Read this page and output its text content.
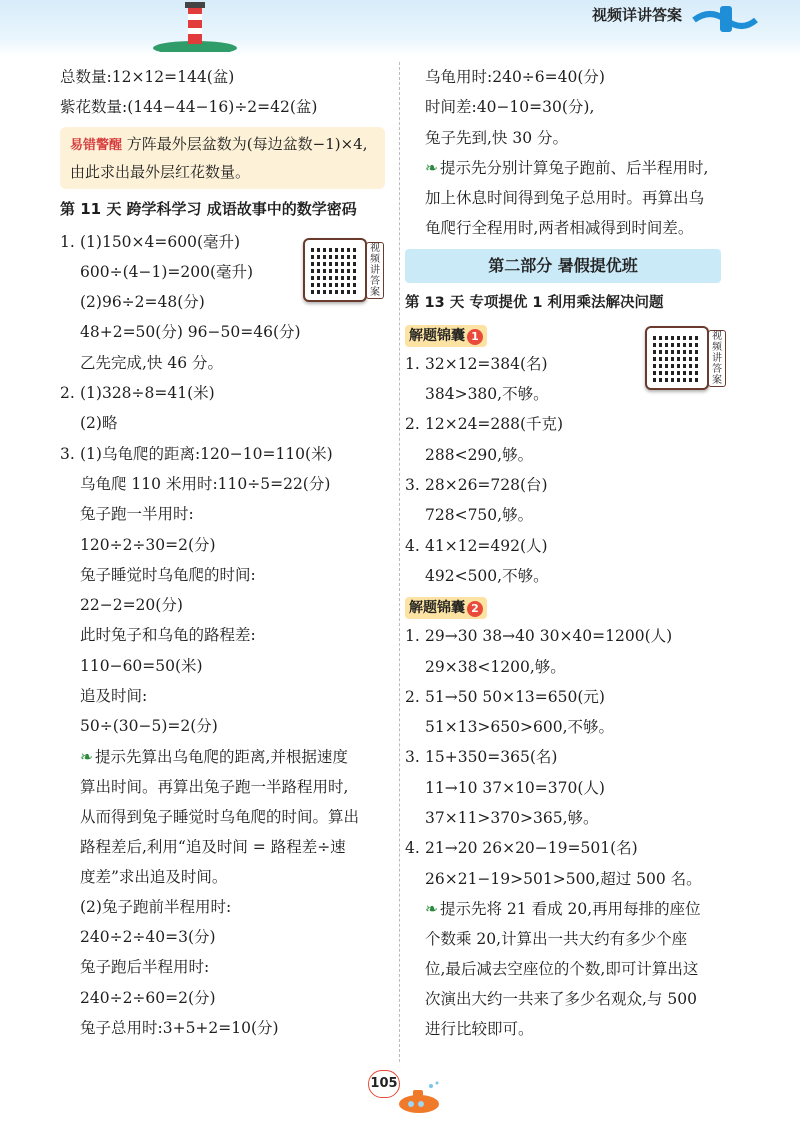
视频详讲答案
总数量:12×12=144(盆)
紫花数量:(144−44−16)÷2=42(盆)
易错警醒 方阵最外层盆数为(每边盆数−1)×4,由此求出最外层红花数量。
第 11 天 跨学科学习 成语故事中的数学密码
1. (1)150×4=600(毫升)
600÷(4−1)=200(毫升)
(2)96÷2=48(分)
48+2=50(分) 96−50=46(分)
乙先完成,快 46 分。
2. (1)328÷8=41(米)
(2)略
3. (1)乌龟爬的距离:120−10=110(米)
乌龟爬 110 米用时:110÷5=22(分)
兔子跑一半用时:
120÷2÷30=2(分)
兔子睡觉时乌龟爬的时间:
22−2=20(分)
此时兔子和乌龟的路程差:
110−60=50(米)
追及时间:
50÷(30−5)=2(分)
❧ 提示先算出乌龟爬的距离,并根据速度
算出时间。再算出兔子跑一半路程用时,
从而得到兔子睡觉时乌龟爬的时间。算出
路程差后,利用“追及时间 = 路程差÷速
度差”求出追及时间。
(2)兔子跑前半程用时:
240÷2÷40=3(分)
兔子跑后半程用时:
240÷2÷60=2(分)
兔子总用时:3+5+2=10(分)
视频讲答案
乌龟用时:240÷6=40(分)
时间差:40−10=30(分),
兔子先到,快 30 分。
❧ 提示先分别计算兔子跑前、后半程用时,
加上休息时间得到兔子总用时。再算出乌
龟爬行全程用时,两者相减得到时间差。
第二部分 暑假提优班
第 13 天 专项提优 1 利用乘法解决问题
解题锦囊 1
1. 32×12=384(名)
384>380,不够。
2. 12×24=288(千克)
288<290,够。
3. 28×26=728(台)
728<750,够。
4. 41×12=492(人)
492<500,不够。
解题锦囊 2
1. 29→30 38→40 30×40=1200(人)
29×38<1200,够。
2. 51→50 50×13=650(元)
51×13>650>600,不够。
3. 15+350=365(名)
11→10 37×10=370(人)
37×11>370>365,够。
4. 21→20 26×20−19=501(名)
26×21−19>501>500,超过 500 名。
❧ 提示先将 21 看成 20,再用每排的座位
个数乘 20,计算出一共大约有多少个座
位,最后减去空座位的个数,即可计算出这
次演出大约一共来了多少名观众,与 500
进行比较即可。
视频讲答案
105
